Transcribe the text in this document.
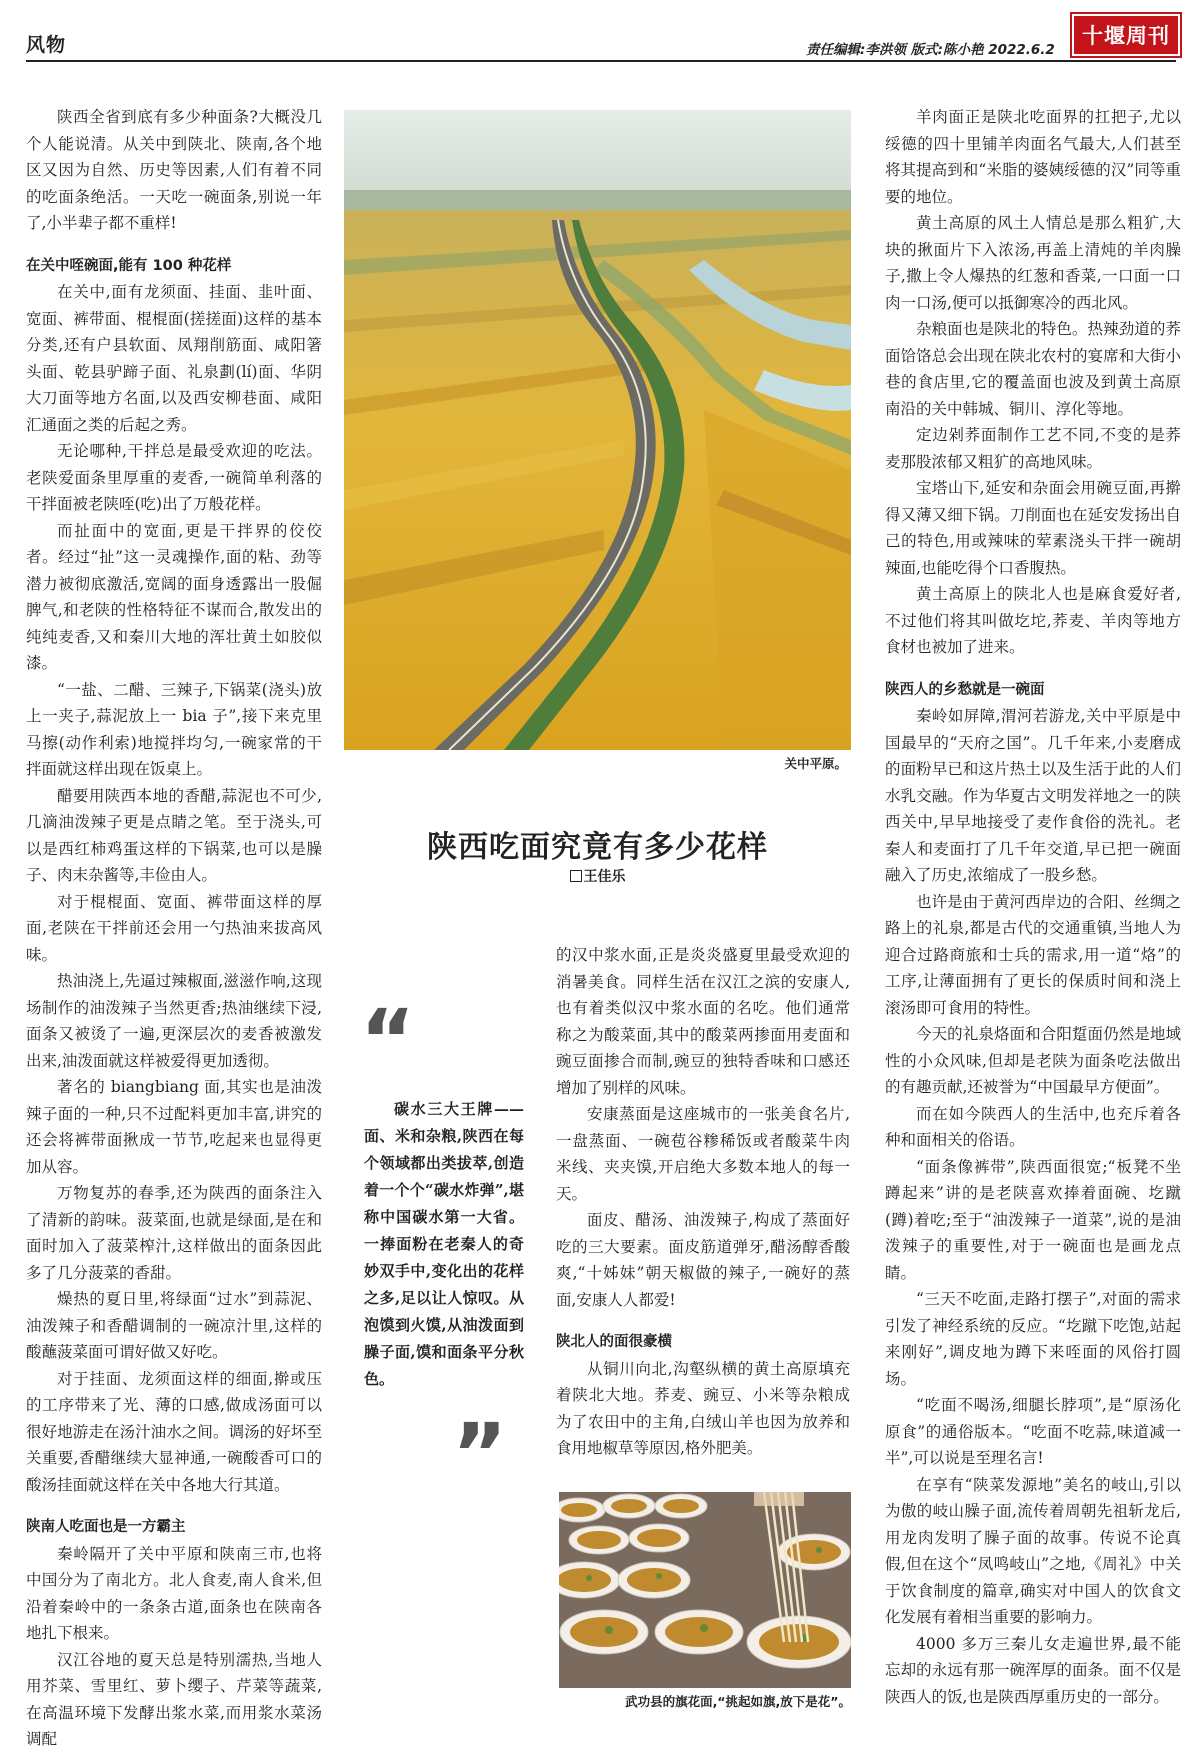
风物	责任编辑:李洪领 版式:陈小艳 2022.6.2
十堰周刊

陕西全省到底有多少种面条?大概没几个人能说清。从关中到陕北、陕南,各个地区又因为自然、历史等因素,人们有着不同的吃面条绝活。一天吃一碗面条,别说一年了,小半辈子都不重样!

在关中咥碗面,能有 100 种花样

在关中,面有龙须面、挂面、韭叶面、宽面、裤带面、棍棍面(搓搓面)这样的基本分类,还有户县软面、凤翔削筋面、咸阳箸头面、乾县驴蹄子面、礼泉劃(lí)面、华阴大刀面等地方名面,以及西安柳巷面、咸阳汇通面之类的后起之秀。

无论哪种,干拌总是最受欢迎的吃法。老陕爱面条里厚重的麦香,一碗简单利落的干拌面被老陕咥(吃)出了万般花样。

而扯面中的宽面,更是干拌界的佼佼者。经过“扯”这一灵魂操作,面的粘、劲等潜力被彻底激活,宽阔的面身透露出一股倔脾气,和老陕的性格特征不谋而合,散发出的纯纯麦香,又和秦川大地的浑壮黄土如胶似漆。

“一盐、二醋、三辣子,下锅菜(浇头)放上一夹子,蒜泥放上一 bia 子”,接下来克里马擦(动作利索)地搅拌均匀,一碗家常的干拌面就这样出现在饭桌上。

醋要用陕西本地的香醋,蒜泥也不可少,几滴油泼辣子更是点睛之笔。至于浇头,可以是西红柿鸡蛋这样的下锅菜,也可以是臊子、肉末杂酱等,丰俭由人。

对于棍棍面、宽面、裤带面这样的厚面,老陕在干拌前还会用一勺热油来拔高风味。

热油浇上,先逼过辣椒面,滋滋作响,这现场制作的油泼辣子当然更香;热油继续下浸,面条又被烫了一遍,更深层次的麦香被激发出来,油泼面就这样被爱得更加透彻。

著名的 biangbiang 面,其实也是油泼辣子面的一种,只不过配料更加丰富,讲究的还会将裤带面揪成一节节,吃起来也显得更加从容。

万物复苏的春季,还为陕西的面条注入了清新的韵味。菠菜面,也就是绿面,是在和面时加入了菠菜榨汁,这样做出的面条因此多了几分菠菜的香甜。

燥热的夏日里,将绿面“过水”到蒜泥、油泼辣子和香醋调制的一碗凉汁里,这样的酸蘸菠菜面可谓好做又好吃。

对于挂面、龙须面这样的细面,擀或压的工序带来了光、薄的口感,做成汤面可以很好地游走在汤汁油水之间。调汤的好坏至关重要,香醋继续大显神通,一碗酸香可口的酸汤挂面就这样在关中各地大行其道。

陕南人吃面也是一方霸主

秦岭隔开了关中平原和陕南三市,也将中国分为了南北方。北人食麦,南人食米,但沿着秦岭中的一条条古道,面条也在陕南各地扎下根来。

汉江谷地的夏天总是特别濡热,当地人用芥菜、雪里红、萝卜缨子、芹菜等蔬菜,在高温环境下发酵出浆水菜,而用浆水菜汤调配

关中平原。
陕西吃面究竟有多少花样
王佳乐
“

碳水三大王牌——面、米和杂粮,陕西在每个领域都出类拔萃,创造着一个个“碳水炸弹”,堪称中国碳水第一大省。一捧面粉在老秦人的奇妙双手中,变化出的花样之多,足以让人惊叹。从泡馍到火馍,从油泼面到臊子面,馍和面条平分秋色。

”

的汉中浆水面,正是炎炎盛夏里最受欢迎的消暑美食。同样生活在汉江之滨的安康人,也有着类似汉中浆水面的名吃。他们通常称之为酸菜面,其中的酸菜两掺面用麦面和豌豆面掺合而制,豌豆的独特香味和口感还增加了别样的风味。

安康蒸面是这座城市的一张美食名片,一盘蒸面、一碗苞谷糁稀饭或者酸菜牛肉米线、夹夹馍,开启绝大多数本地人的每一天。

面皮、醋汤、油泼辣子,构成了蒸面好吃的三大要素。面皮筋道弹牙,醋汤醇香酸爽,“十姊妹”朝天椒做的辣子,一碗好的蒸面,安康人人都爱!

陕北人的面很豪横

从铜川向北,沟壑纵横的黄土高原填充着陕北大地。荞麦、豌豆、小米等杂粮成为了农田中的主角,白绒山羊也因为放养和食用地椒草等原因,格外肥美。

武功县的旗花面,“挑起如旗,放下是花”。

羊肉面正是陕北吃面界的扛把子,尤以绥德的四十里铺羊肉面名气最大,人们甚至将其提高到和“米脂的婆姨绥德的汉”同等重要的地位。

黄土高原的风土人情总是那么粗犷,大块的揪面片下入浓汤,再盖上清炖的羊肉臊子,撒上令人爆热的红葱和香菜,一口面一口肉一口汤,便可以抵御寒冷的西北风。

杂粮面也是陕北的特色。热辣劲道的荞面饸饹总会出现在陕北农村的宴席和大街小巷的食店里,它的覆盖面也波及到黄土高原南沿的关中韩城、铜川、淳化等地。

定边剁荞面制作工艺不同,不变的是荞麦那股浓郁又粗犷的高地风味。

宝塔山下,延安和杂面会用碗豆面,再擀得又薄又细下锅。刀削面也在延安发扬出自己的特色,用或辣味的荤素浇头干拌一碗胡辣面,也能吃得个口香腹热。

黄土高原上的陕北人也是麻食爱好者,不过他们将其叫做圪坨,荞麦、羊肉等地方食材也被加了进来。

陕西人的乡愁就是一碗面

秦岭如屏障,渭河若游龙,关中平原是中国最早的“天府之国”。几千年来,小麦磨成的面粉早已和这片热土以及生活于此的人们水乳交融。作为华夏古文明发祥地之一的陕西关中,早早地接受了麦作食俗的洗礼。老秦人和麦面打了几千年交道,早已把一碗面融入了历史,浓缩成了一股乡愁。

也许是由于黄河西岸边的合阳、丝绸之路上的礼泉,都是古代的交通重镇,当地人为迎合过路商旅和士兵的需求,用一道“烙”的工序,让薄面拥有了更长的保质时间和浇上滚汤即可食用的特性。

今天的礼泉烙面和合阳踅面仍然是地域性的小众风味,但却是老陕为面条吃法做出的有趣贡献,还被誉为“中国最早方便面”。

而在如今陕西人的生活中,也充斥着各种和面相关的俗语。

“面条像裤带”,陕西面很宽;“板凳不坐蹲起来”讲的是老陕喜欢捧着面碗、圪蹴(蹲)着吃;至于“油泼辣子一道菜”,说的是油泼辣子的重要性,对于一碗面也是画龙点睛。

“三天不吃面,走路打摆子”,对面的需求引发了神经系统的反应。“圪蹴下吃饱,站起来刚好”,调皮地为蹲下来咥面的风俗打圆场。

“吃面不喝汤,细腿长脖项”,是“原汤化原食”的通俗版本。“吃面不吃蒜,味道减一半”,可以说是至理名言!

在享有“陕菜发源地”美名的岐山,引以为傲的岐山臊子面,流传着周朝先祖斩龙后,用龙肉发明了臊子面的故事。传说不论真假,但在这个“凤鸣岐山”之地,《周礼》中关于饮食制度的篇章,确实对中国人的饮食文化发展有着相当重要的影响力。

4000 多万三秦儿女走遍世界,最不能忘却的永远有那一碗浑厚的面条。面不仅是陕西人的饭,也是陕西厚重历史的一部分。
